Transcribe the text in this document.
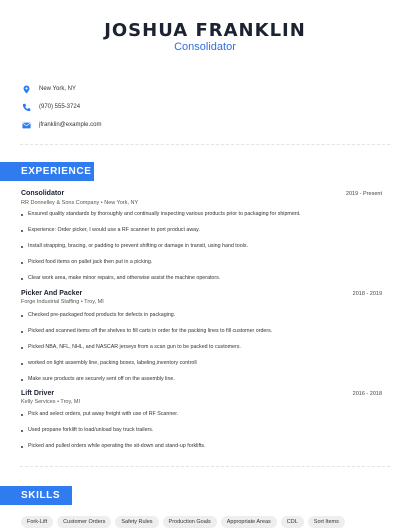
JOSHUA FRANKLIN
Consolidator
New York, NY
(970) 555-3724
jfranklin@example.com
EXPERIENCE
Consolidator	2019 - Present
RR Donnelley & Sons Company • New York, NY
Ensured quality standards by thoroughly and continually inspecting various products prior to packaging for shipment.
Experience: Order picker, I would use a RF scanner to port product away.
Install strapping, bracing, or padding to prevent shifting or damage in transit, using hand tools.
Picked food items on pallet jack then put in a picking.
Clear work area, make minor repairs, and otherwise assist the machine operators.
Picker And Packer	2018 - 2019
Forge Industrial Staffing • Troy, MI
Checked pre-packaged food products for defects in packaging.
Picked and scanned items off the shelves to fill carts in order for the packing lines to fill customer orders.
Picked NBA, NFL, NHL, and NASCAR jerseys from a scan gun to be packed to customers.
worked on light assembly line, packing boxes, labeling,inventory controll
Make sure products are securely sent off on the assembly line.
Lift Driver	2016 - 2018
Kelly Services • Troy, MI
Pick and select orders, put away freight with use of RF Scanner.
Used propane forklift to load/unload bay truck trailers.
Picked and pulled orders while operating the sit-down and stand-up forklifts.
SKILLS
Fork-Lift	Customer Orders	Safety Rules	Production Goals	Appropriate Areas	CDL	Sort Items
